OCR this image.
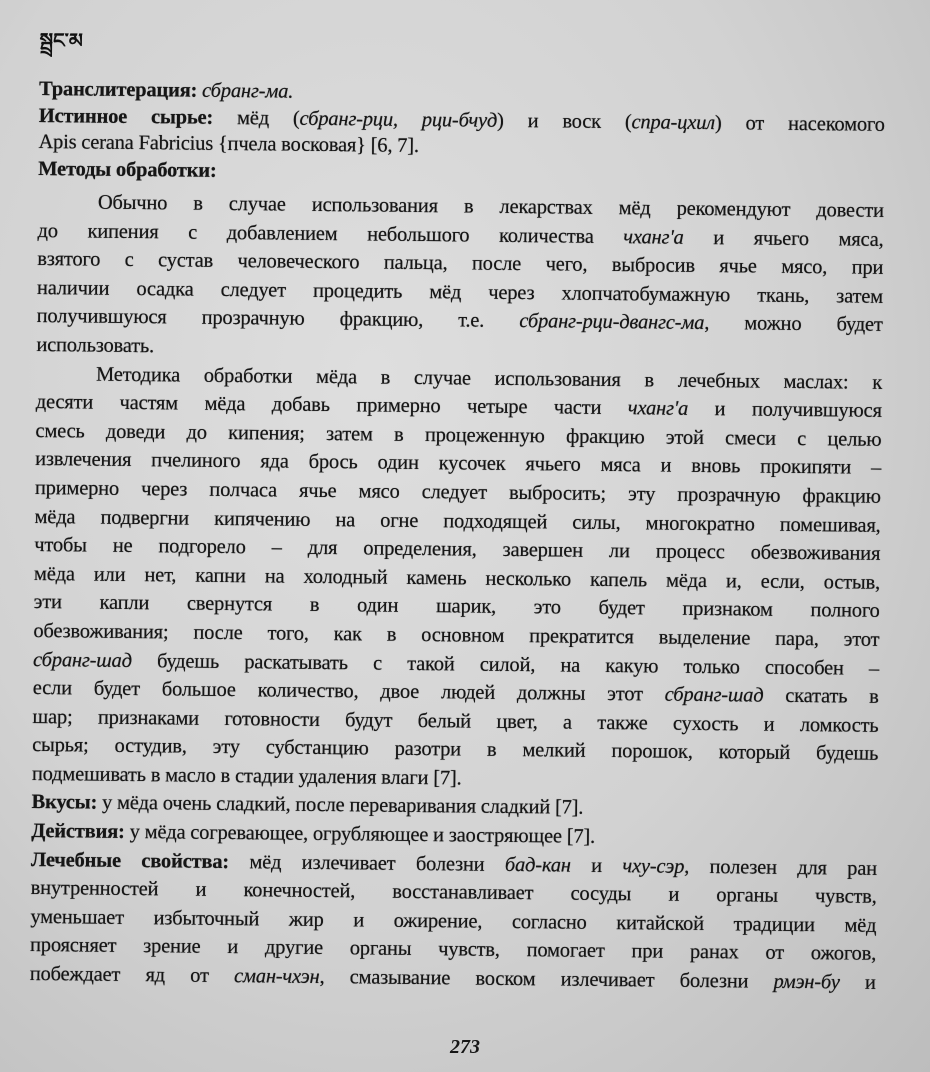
སྦྲང་མ
Транслитерация: сбранг-ма.
Истинное сырье: мёд (сбранг-рци, рци-бчуд) и воск (спра-цхил) от насекомого
Apis cerana Fabricius {пчела восковая} [6, 7].
Методы обработки:
Обычно в случае использования в лекарствах мёд рекомендуют довести
до кипения с добавлением небольшого количества чханг'а и ячьего мяса,
взятого с сустав человеческого пальца, после чего, выбросив ячье мясо, при
наличии осадка следует процедить мёд через хлопчатобумажную ткань, затем
получившуюся прозрачную фракцию, т.е. сбранг-рци-двангс-ма, можно будет
использовать.
Методика обработки мёда в случае использования в лечебных маслах: к
десяти частям мёда добавь примерно четыре части чханг'а и получившуюся
смесь доведи до кипения; затем в процеженную фракцию этой смеси с целью
извлечения пчелиного яда брось один кусочек ячьего мяса и вновь прокипяти –
примерно через полчаса ячье мясо следует выбросить; эту прозрачную фракцию
мёда подвергни кипячению на огне подходящей силы, многократно помешивая,
чтобы не подгорело – для определения, завершен ли процесс обезвоживания
мёда или нет, капни на холодный камень несколько капель мёда и, если, остыв,
эти капли свернутся в один шарик, это будет признаком полного
обезвоживания; после того, как в основном прекратится выделение пара, этот
сбранг-шад будешь раскатывать с такой силой, на какую только способен –
если будет большое количество, двое людей должны этот сбранг-шад скатать в
шар; признаками готовности будут белый цвет, а также сухость и ломкость
сырья; остудив, эту субстанцию разотри в мелкий порошок, который будешь
подмешивать в масло в стадии удаления влаги [7].
Вкусы: у мёда очень сладкий, после переваривания сладкий [7].
Действия: у мёда согревающее, огрубляющее и заостряющее [7].
Лечебные свойства: мёд излечивает болезни бад-кан и чху-сэр, полезен для ран
внутренностей и конечностей, восстанавливает сосуды и органы чувств,
уменьшает избыточный жир и ожирение, согласно китайской традиции мёд
проясняет зрение и другие органы чувств, помогает при ранах от ожогов,
побеждает яд от сман-чхэн, смазывание воском излечивает болезни рмэн-бу и
273
